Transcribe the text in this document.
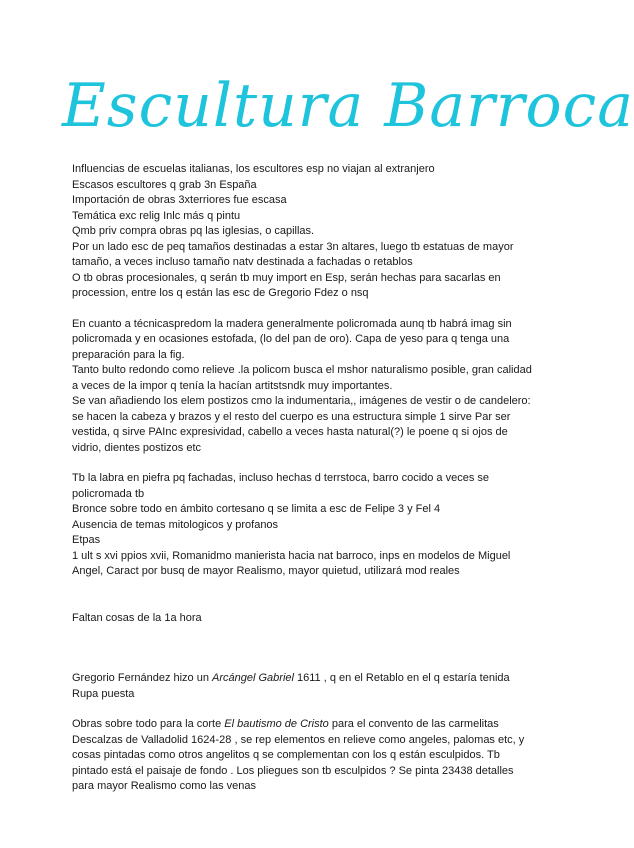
Escultura Barroca

Influencias de escuelas italianas, los escultores esp no viajan al extranjero

Escasos escultores q grab 3n España

Importación de obras 3xterriores fue escasa

Temática exc relig Inlc más q pintu

Qmb priv compra obras pq las iglesias, o capillas.

Por un lado esc de peq tamaños destinadas a estar 3n altares, luego tb estatuas de mayor tamaño, a veces incluso tamaño natv destinada a fachadas o retablos

O tb obras procesionales, q serán tb muy import en Esp, serán hechas para sacarlas en procession, entre los q están las esc de Gregorio Fdez o nsq

En cuanto a técnicaspredom la madera generalmente policromada aunq tb habrá imag sin policromada y en ocasiones estofada, (lo del pan de oro). Capa de yeso para q tenga una preparación para la fig.

Tanto bulto redondo como relieve .la policom busca el mshor naturalismo posible, gran calidad a veces de la impor q tenía la hacían artitstsndk muy importantes.

Se van añadiendo los elem postizos cmo la indumentaria,, imágenes de vestir o de candelero: se hacen la cabeza y brazos y el resto del cuerpo es una estructura simple 1 sirve Par ser vestida, q sirve PAInc expresividad, cabello a veces hasta natural(?) le poene q si ojos de vidrio, dientes postizos etc

Tb la labra en piefra pq fachadas, incluso hechas d terrstoca, barro cocido a veces se policromada tb

Bronce sobre todo en ámbito cortesano q se limita a esc de Felipe 3 y Fel 4

Ausencia de temas mitologicos y profanos

Etpas

1 ult s xvi ppios xvii, Romanidmo manierista hacia nat barroco, inps en modelos de Miguel Angel, Caract por busq de mayor Realismo, mayor quietud, utilizará mod reales

Faltan cosas de la 1a hora

Gregorio Fernández hizo un Arcángel Gabriel 1611 , q en el Retablo en el q estaría tenida Rupa puesta

Obras sobre todo para la corte El bautismo de Cristo para el convento de las carmelitas Descalzas de Valladolid 1624-28 , se rep elementos en relieve como angeles, palomas etc, y cosas pintadas como otros angelitos q se complementan con los q están esculpidos. Tb pintado está el paisaje de fondo . Los pliegues son tb esculpidos ? Se pinta 23438 detalles para mayor Realismo como las venas
